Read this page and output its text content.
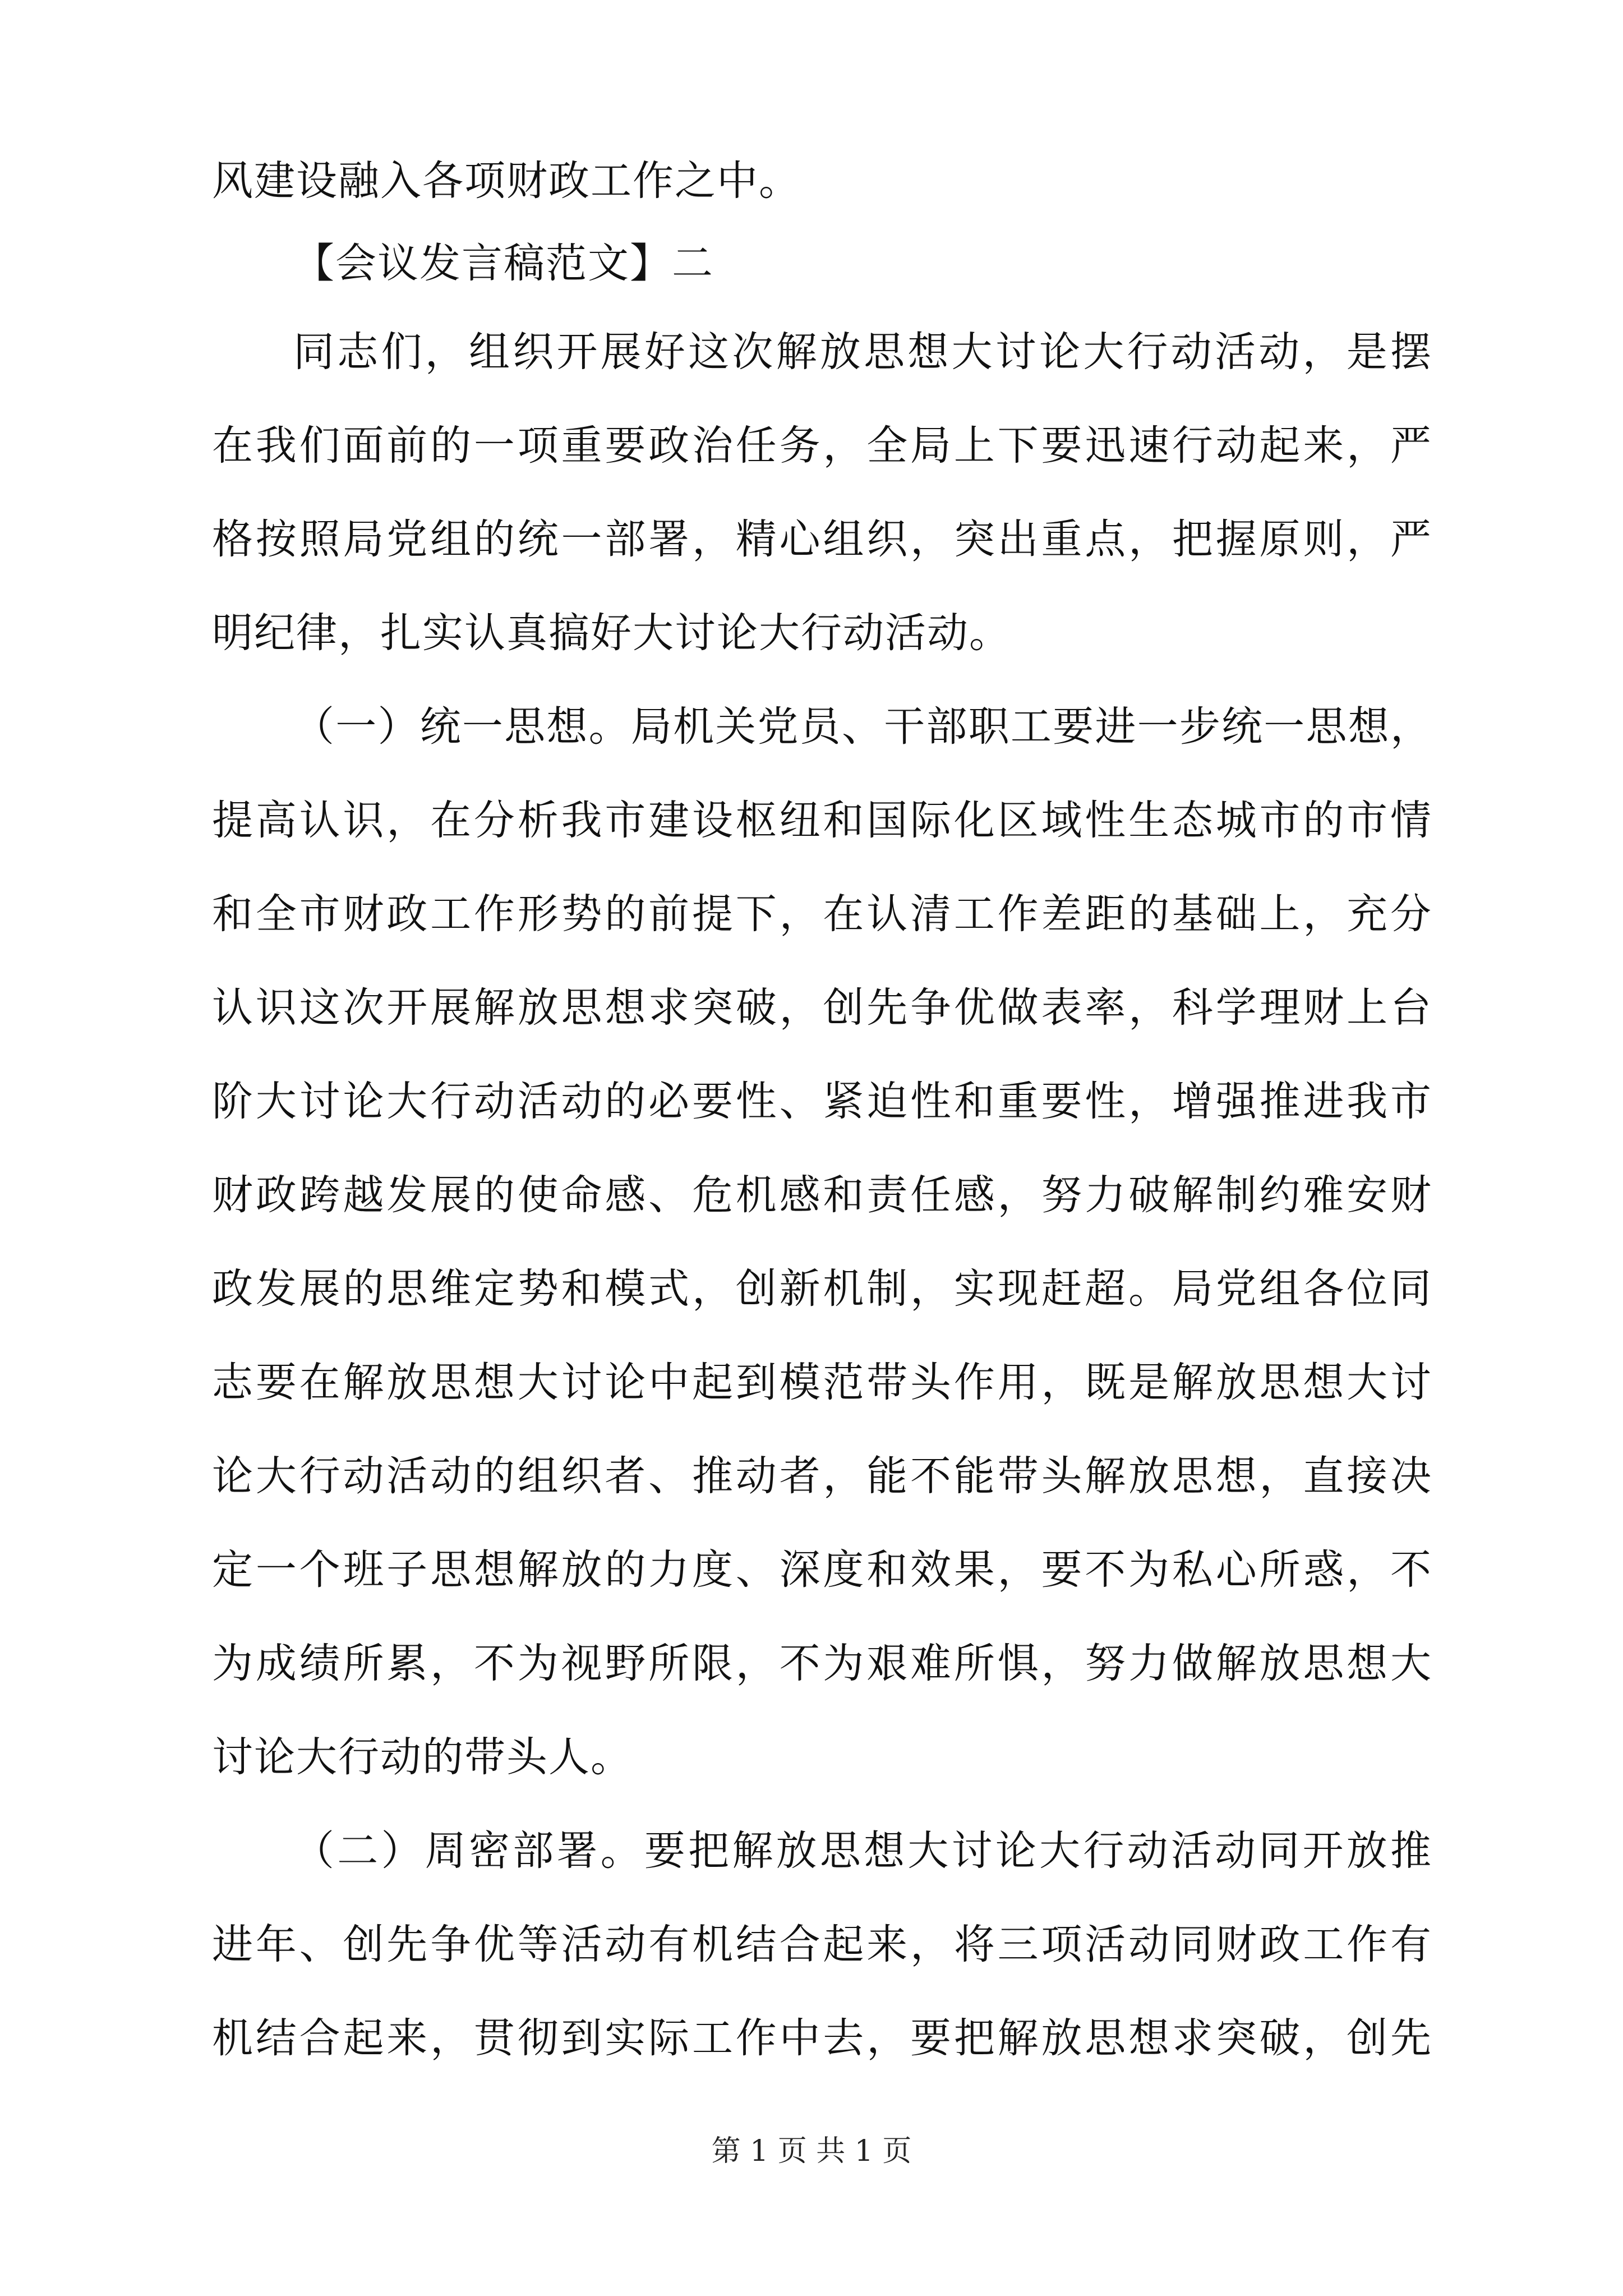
风建设融入各项财政工作之中。
【会议发言稿范文】二
同志们，组织开展好这次解放思想大讨论大行动活动，是摆
在我们面前的一项重要政治任务，全局上下要迅速行动起来，严
格按照局党组的统一部署，精心组织，突出重点，把握原则，严
明纪律，扎实认真搞好大讨论大行动活动。
（一）统一思想。局机关党员、干部职工要进一步统一思想，
提高认识，在分析我市建设枢纽和国际化区域性生态城市的市情
和全市财政工作形势的前提下，在认清工作差距的基础上，充分
认识这次开展解放思想求突破，创先争优做表率，科学理财上台
阶大讨论大行动活动的必要性、紧迫性和重要性，增强推进我市
财政跨越发展的使命感、危机感和责任感，努力破解制约雅安财
政发展的思维定势和模式，创新机制，实现赶超。局党组各位同
志要在解放思想大讨论中起到模范带头作用，既是解放思想大讨
论大行动活动的组织者、推动者，能不能带头解放思想，直接决
定一个班子思想解放的力度、深度和效果，要不为私心所惑，不
为成绩所累，不为视野所限，不为艰难所惧，努力做解放思想大
讨论大行动的带头人。
（二）周密部署。要把解放思想大讨论大行动活动同开放推
进年、创先争优等活动有机结合起来，将三项活动同财政工作有
机结合起来，贯彻到实际工作中去，要把解放思想求突破，创先
第 1 页 共 1 页
